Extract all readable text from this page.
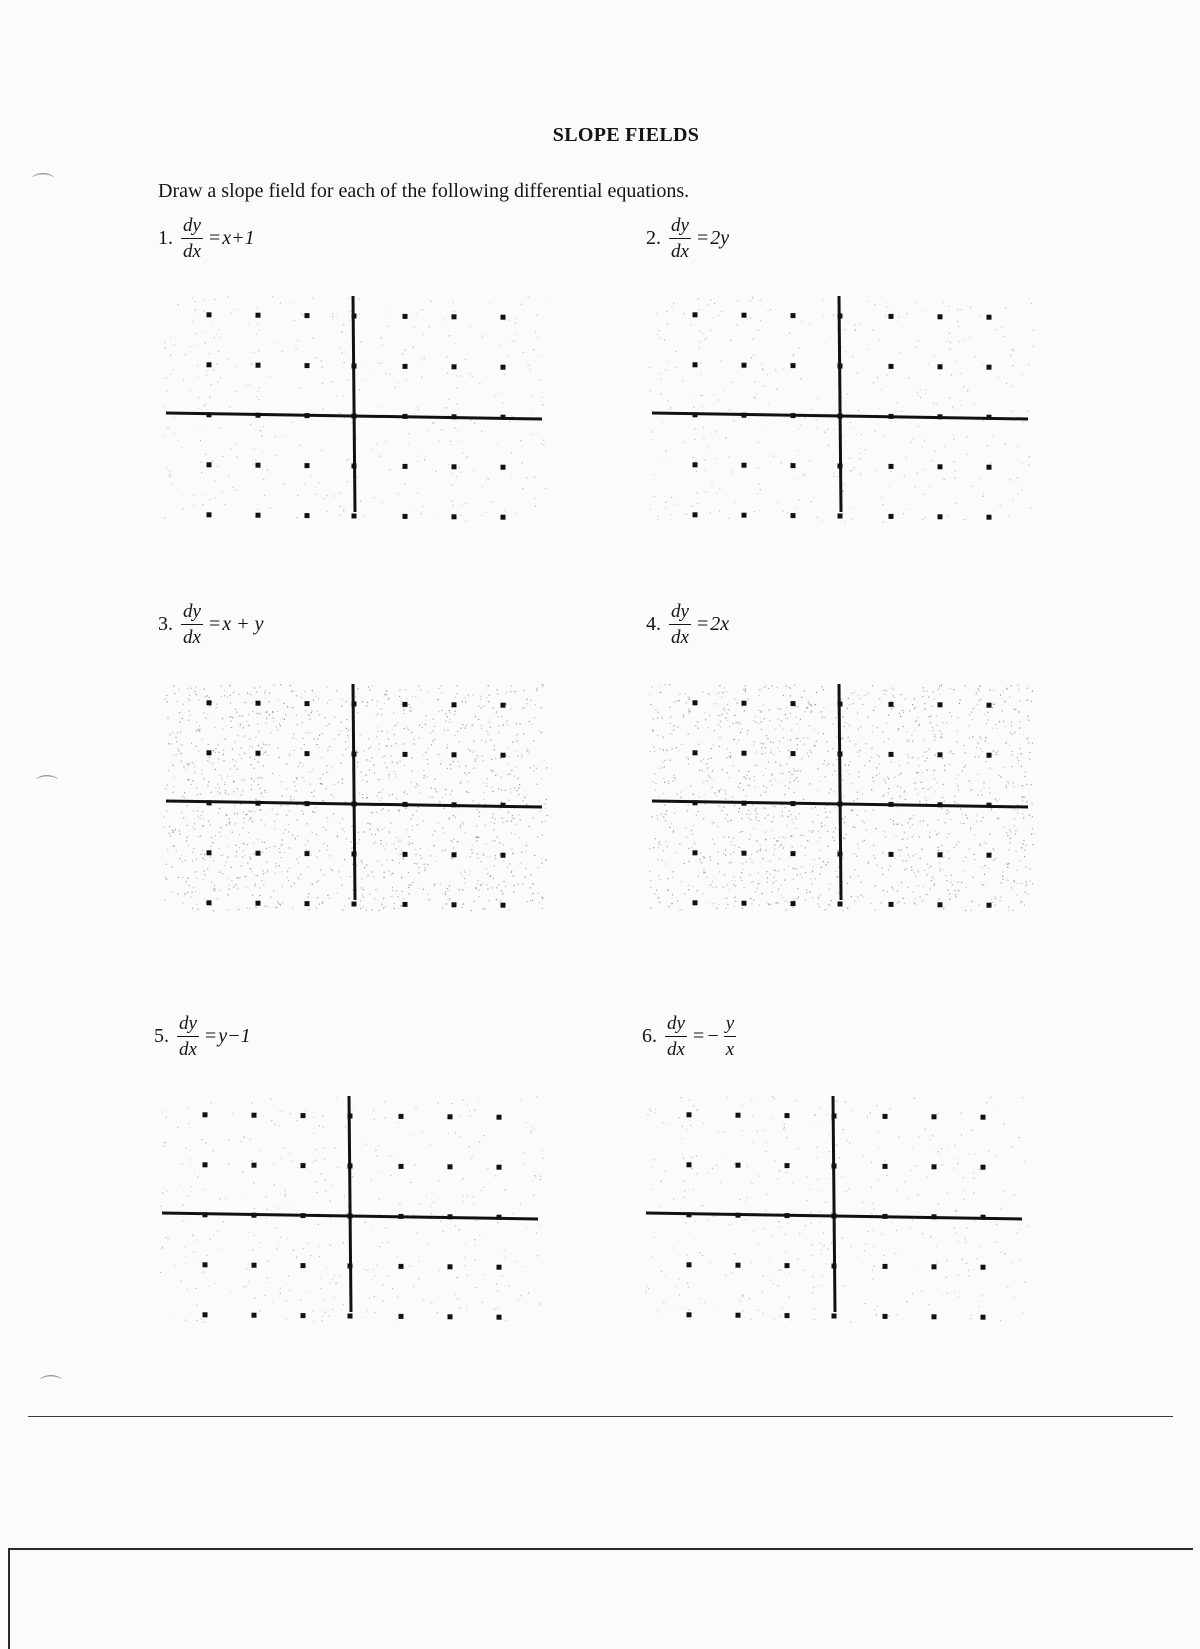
SLOPE FIELDS
Draw a slope field for each of the following differential equations.
1. $\frac{dy}{dx} = x+1$	2. $\frac{dy}{dx} = 2y$
3. $\frac{dy}{dx} = x + y$	4. $\frac{dy}{dx} = 2x$
5. $\frac{dy}{dx} = y-1$	6. $\frac{dy}{dx}$ = − $\frac{y}{x}$
⌒
⌒
⌒
